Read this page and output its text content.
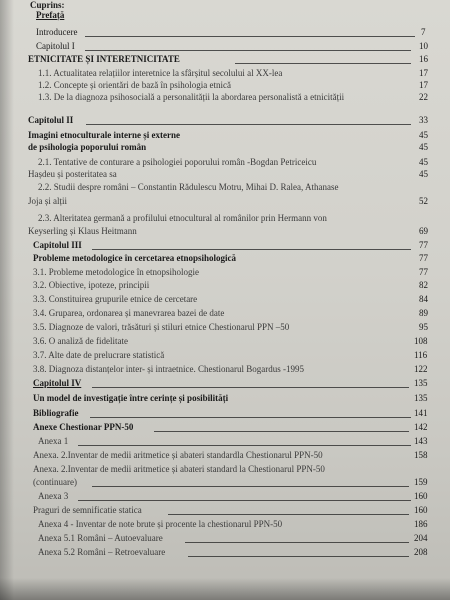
Cuprins:
Prefață
Introducere	7
Capitolul I	10
ETNICITATE ȘI INTERETNICITATE	16
1.1. Actualitatea relațiilor interetnice la sfârșitul secolului al XX-lea	17
1.2. Concepte și orientări de bază în psihologia etnică	17
1.3. De la diagnoza psihosocială a personalității la abordarea personalistă a etnicității	22
Capitolul II	33
Imagini etnoculturale interne și externe	45
de psihologia poporului român	45
2.1. Tentative de conturare a psihologiei poporului român -Bogdan Petriceicu	45
Hașdeu și posteritatea sa	45
2.2. Studii despre români – Constantin Rădulescu Motru, Mihai D. Ralea, Athanase
Joja și alții	52
2.3. Alteritatea germană a profilului etnocultural al românilor prin Hermann von
Keyserling și Klaus Heitmann	69
Capitolul III	77
Probleme metodologice în cercetarea etnopsihologică	77
3.1. Probleme metodologice în etnopsihologie	77
3.2. Obiective, ipoteze, principii	82
3.3. Constituirea grupurile etnice de cercetare	84
3.4. Gruparea, ordonarea și manevrarea bazei de date	89
3.5. Diagnoze de valori, trăsături și stiluri etnice Chestionarul PPN –50	95
3.6. O analiză de fidelitate	108
3.7. Alte date de prelucrare statistică	116
3.8. Diagnoza distanțelor inter- și intraetnice. Chestionarul Bogardus -1995	122
Capitolul IV	135
Un model de investigație între cerințe și posibilități	135
Bibliografie	141
Anexe Chestionar PPN-50	142
Anexa 1	143
Anexa. 2.Inventar de medii aritmetice și abateri standardla Chestionarul PPN-50	158
Anexa. 2.Inventar de medii aritmetice și abateri standard la Chestionarul PPN-50
(continuare)	159
Anexa 3	160
Praguri de semnificatie statica	160
Anexa 4 - Inventar de note brute și procente la chestionarul PPN-50	186
Anexa 5.1 Români – Autoevaluare	204
Anexa 5.2 Români – Retroevaluare	208
